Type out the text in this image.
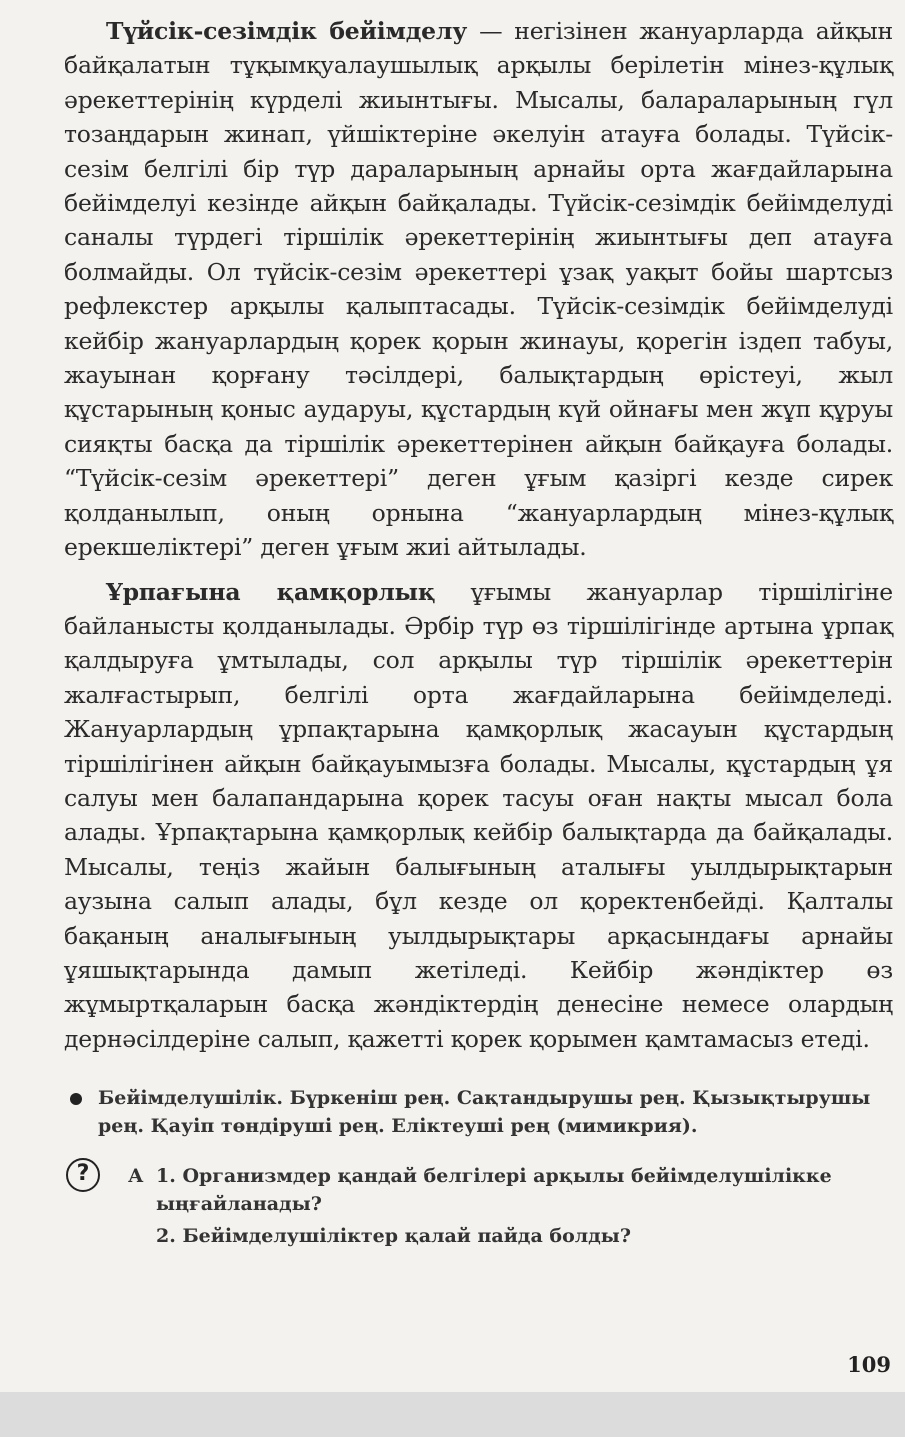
Түйсік-сезімдік бейімделу — негізінен жануарларда айқын байқалатын тұқымқуалаушылық арқылы берілетін мінез-құлық әрекеттерінің күрделі жиынтығы. Мысалы, балараларының гүл тозаңдарын жинап, үйшіктеріне әкелуін атауға болады. Түйсік-сезім белгілі бір түр дараларының арнайы орта жағдайларына бейімделуі кезінде айқын байқалады. Түйсік-сезімдік бейімделуді саналы түрдегі тіршілік әрекеттерінің жиынтығы деп атауға болмайды. Ол түйсік-сезім әрекеттері ұзақ уақыт бойы шартсыз рефлекстер арқылы қалыптасады. Түйсік-сезімдік бейімделуді кейбір жануарлардың қорек қорын жинауы, қорегін іздеп табуы, жауынан қорғану тәсілдері, балықтардың өрістеуі, жыл құстарының қоныс аударуы, құстардың күй ойнағы мен жұп құруы сияқты басқа да тіршілік әрекеттерінен айқын байқауға болады. “Түйсік-сезім әрекеттері” деген ұғым қазіргі кезде сирек қолданылып, оның орнына “жануарлардың мінез-құлық ерекшеліктері” деген ұғым жиі айтылады.

Ұрпағына қамқорлық ұғымы жануарлар тіршілігіне байланысты қолданылады. Әрбір түр өз тіршілігінде артына ұрпақ қалдыруға ұмтылады, сол арқылы түр тіршілік әрекеттерін жалғастырып, белгілі орта жағдайларына бейімделеді. Жануарлардың ұрпақтарына қамқорлық жасауын құстардың тіршілігінен айқын байқауымызға болады. Мысалы, құстардың ұя салуы мен балапандарына қорек тасуы оған нақты мысал бола алады. Ұрпақтарына қамқорлық кейбір балықтарда да байқалады. Мысалы, теңіз жайын балығының аталығы уылдырықтарын аузына салып алады, бұл кезде ол қоректенбейді. Қалталы бақаның аналығының уылдырықтары арқасындағы арнайы ұяшықтарында дамып жетіледі. Кейбір жәндіктер өз жұмыртқаларын басқа жәндіктердің денесіне немесе олардың дернәсілдеріне салып, қажетті қорек қорымен қамтамасыз етеді.

Бейімделушілік. Бүркеніш рең. Сақтандырушы рең. Қызықтырушы рең. Қауіп төндіруші рең. Еліктеуші рең (мимикрия).
?	А 1. Организмдер қандай белгілері арқылы бейімделушілікке ыңғайланады?
2. Бейімделушіліктер қалай пайда болды?
109
